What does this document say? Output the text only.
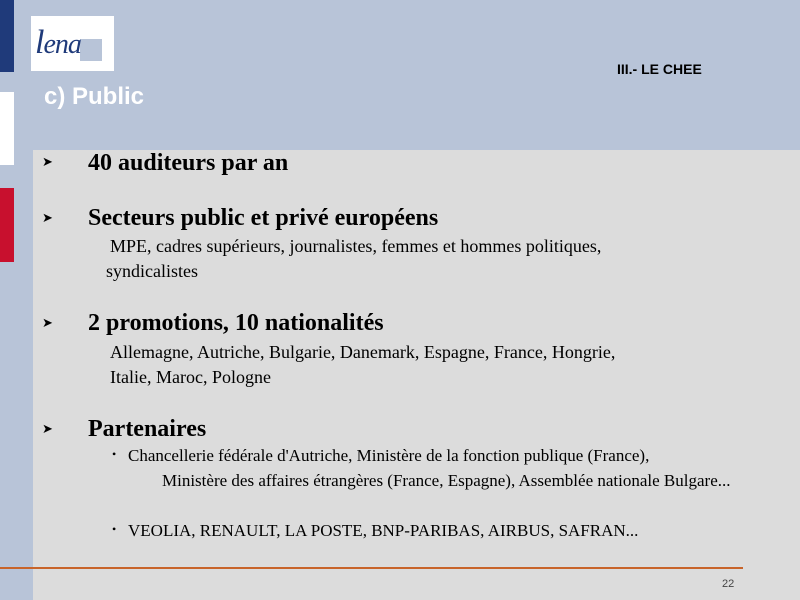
lena
III.- LE CHEE
c) Public
➤ 40 auditeurs par an
➤ Secteurs public et privé européens
MPE, cadres supérieurs, journalistes, femmes et hommes politiques,
syndicalistes
➤ 2 promotions, 10 nationalités
Allemagne, Autriche, Bulgarie, Danemark, Espagne, France, Hongrie,
Italie, Maroc, Pologne
➤ Partenaires
• Chancellerie fédérale d'Autriche, Ministère de la fonction publique (France),
Ministère des affaires étrangères (France, Espagne), Assemblée nationale Bulgare...
• VEOLIA, RENAULT, LA POSTE, BNP-PARIBAS, AIRBUS, SAFRAN...
22
